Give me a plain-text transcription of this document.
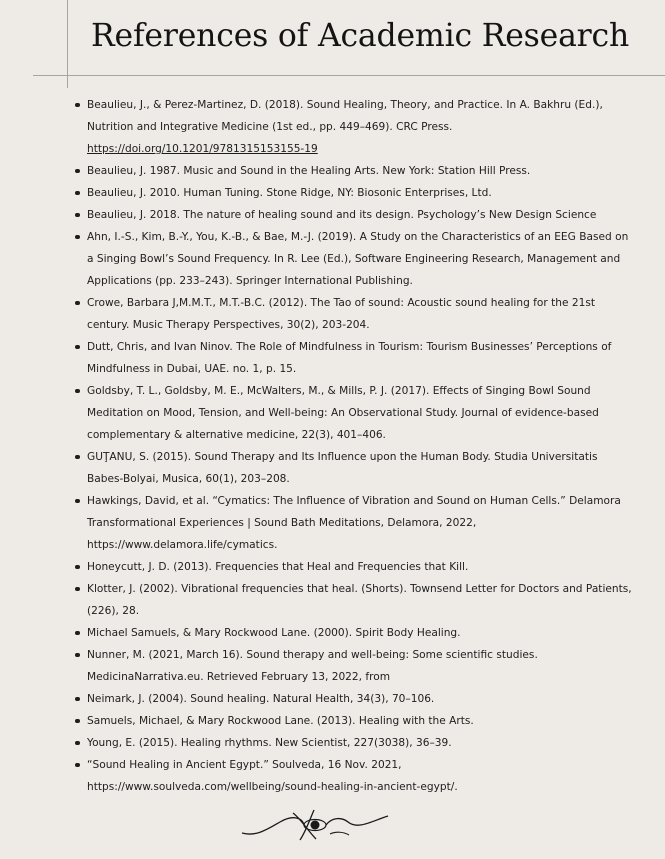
References of Academic Research
Beaulieu, J., & Perez-Martinez, D. (2018). Sound Healing, Theory, and Practice. In A. Bakhru (Ed.), Nutrition and Integrative Medicine (1st ed., pp. 449–469). CRC Press.
https://doi.org/10.1201/9781315153155-19
Beaulieu, J. 1987. Music and Sound in the Healing Arts. New York: Station Hill Press.
Beaulieu, J. 2010. Human Tuning. Stone Ridge, NY: Biosonic Enterprises, Ltd.
Beaulieu, J. 2018. The nature of healing sound and its design. Psychology’s New Design Science
Ahn, I.-S., Kim, B.-Y., You, K.-B., & Bae, M.-J. (2019). A Study on the Characteristics of an EEG Based on a Singing Bowl’s Sound Frequency. In R. Lee (Ed.), Software Engineering Research, Management and Applications (pp. 233–243). Springer International Publishing.
Crowe, Barbara J,M.M.T., M.T.-B.C. (2012). The Tao of sound: Acoustic sound healing for the 21st century. Music Therapy Perspectives, 30(2), 203-204.
Dutt, Chris, and Ivan Ninov. The Role of Mindfulness in Tourism: Tourism Businesses’ Perceptions of Mindfulness in Dubai, UAE. no. 1, p. 15.
Goldsby, T. L., Goldsby, M. E., McWalters, M., & Mills, P. J. (2017). Effects of Singing Bowl Sound Meditation on Mood, Tension, and Well-being: An Observational Study. Journal of evidence-based complementary & alternative medicine, 22(3), 401–406.
GUŢANU, S. (2015). Sound Therapy and Its Influence upon the Human Body. Studia Universitatis Babes-Bolyai, Musica, 60(1), 203–208.
Hawkings, David, et al. “Cymatics: The Influence of Vibration and Sound on Human Cells.” Delamora Transformational Experiences | Sound Bath Meditations, Delamora, 2022, https://www.delamora.life/cymatics.
Honeycutt, J. D. (2013). Frequencies that Heal and Frequencies that Kill.
Klotter, J. (2002). Vibrational frequencies that heal. (Shorts). Townsend Letter for Doctors and Patients, (226), 28.
Michael Samuels, & Mary Rockwood Lane. (2000). Spirit Body Healing.
Nunner, M. (2021, March 16). Sound therapy and well-being: Some scientific studies. MedicinaNarrativa.eu. Retrieved February 13, 2022, from
Neimark, J. (2004). Sound healing. Natural Health, 34(3), 70–106.
Samuels, Michael, & Mary Rockwood Lane. (2013). Healing with the Arts.
Young, E. (2015). Healing rhythms. New Scientist, 227(3038), 36–39.
“Sound Healing in Ancient Egypt.” Soulveda, 16 Nov. 2021, https://www.soulveda.com/wellbeing/sound-healing-in-ancient-egypt/.
